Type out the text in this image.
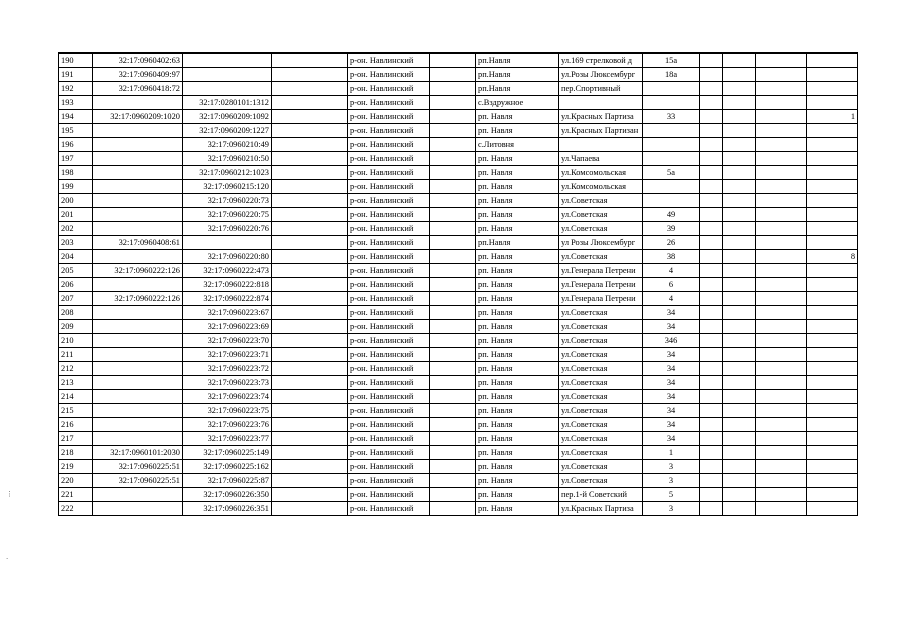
190	32:17:0960402:63			р-он. Навлинский		рп.Навля	ул.169 стрелковой д	15а				
191	32:17:0960409:97			р-он. Навлинский		рп.Навля	ул.Розы Люксембург	18а				
192	32:17:0960418:72			р-он. Навлинский		рп.Навля	пер.Спортивный					
193		32:17:0280101:1312		р-он. Навлинский		с.Вздружное						
194	32:17:0960209:1020	32:17:0960209:1092		р-он. Навлинский		рп. Навля	ул.Красных Партиза	33				1
195		32:17:0960209:1227		р-он. Навлинский		рп. Навля	ул.Красных Партизан					
196		32:17:0960210:49		р-он. Навлинский		с.Литовня						
197		32:17:0960210:50		р-он. Навлинский		рп. Навля	ул.Чапаева					
198		32:17:0960212:1023		р-он. Навлинский		рп. Навля	ул.Комсомольская	5а				
199		32:17:0960215:120		р-он. Навлинский		рп. Навля	ул.Комсомольская					
200		32:17:0960220:73		р-он. Навлинский		рп. Навля	ул.Советская					
201		32:17:0960220:75		р-он. Навлинский		рп. Навля	ул.Советская	49				
202		32:17:0960220:76		р-он. Навлинский		рп. Навля	ул.Советская	39				
203	32:17:0960408:61			р-он. Навлинский		рп.Навля	ул Розы Люксембург	26				
204		32:17:0960220:80		р-он. Навлинский		рп. Навля	ул.Советская	38				8
205	32:17:0960222:126	32:17:0960222:473		р-он. Навлинский		рп. Навля	ул.Генерала Петрени	4				
206		32:17:0960222:818		р-он. Навлинский		рп. Навля	ул.Генерала Петрени	6				
207	32:17:0960222:126	32:17:0960222:874		р-он. Навлинский		рп. Навля	ул.Генерала Петрени	4				
208		32:17:0960223:67		р-он. Навлинский		рп. Навля	ул.Советская	34				
209		32:17:0960223:69		р-он. Навлинский		рп. Навля	ул.Советская	34				
210		32:17:0960223:70		р-он. Навлинский		рп. Навля	ул.Советская	346				
211		32:17:0960223:71		р-он. Навлинский		рп. Навля	ул.Советская	34				
212		32:17:0960223:72		р-он. Навлинский		рп. Навля	ул.Советская	34				
213		32:17:0960223:73		р-он. Навлинский		рп. Навля	ул.Советская	34				
214		32:17:0960223:74		р-он. Навлинский		рп. Навля	ул.Советская	34				
215		32:17:0960223:75		р-он. Навлинский		рп. Навля	ул.Советская	34				
216		32:17:0960223:76		р-он. Навлинский		рп. Навля	ул.Советская	34				
217		32:17:0960223:77		р-он. Навлинский		рп. Навля	ул.Советская	34				
218	32:17:0960101:2030	32:17:0960225:149		р-он. Навлинский		рп. Навля	ул.Советская	1				
219	32:17:0960225:51	32:17:0960225:162		р-он. Навлинский		рп. Навля	ул.Советская	3				
220	32:17:0960225:51	32:17:0960225:87		р-он. Навлинский		рп. Навля	ул.Советская	3				
221		32:17:0960226:350		р-он. Навлинский		рп. Навля	пер.1-й Советский	5				
222		32:17:0960226:351		р-он. Навлинский		рп. Навля	ул.Красных Партиза	3				
⋮
·
